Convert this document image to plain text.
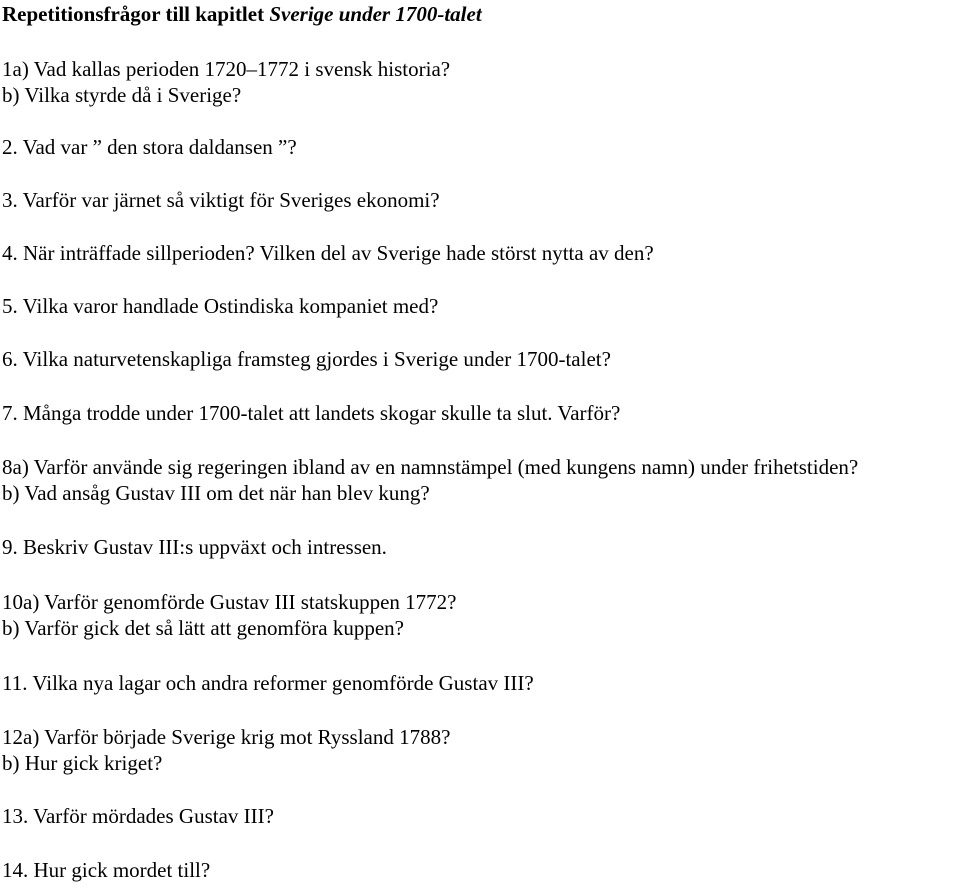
Repetitionsfrågor till kapitlet Sverige under 1700-talet

1a) Vad kallas perioden 1720–1772 i svensk historia?

b) Vilka styrde då i Sverige?

2. Vad var ” den stora daldansen ”?

3. Varför var järnet så viktigt för Sveriges ekonomi?

4. När inträffade sillperioden? Vilken del av Sverige hade störst nytta av den?

5. Vilka varor handlade Ostindiska kompaniet med?

6. Vilka naturvetenskapliga framsteg gjordes i Sverige under 1700-talet?

7. Många trodde under 1700-talet att landets skogar skulle ta slut. Varför?

8a) Varför använde sig regeringen ibland av en namnstämpel (med kungens namn) under frihetstiden?

b) Vad ansåg Gustav III om det när han blev kung?

9. Beskriv Gustav III:s uppväxt och intressen.

10a) Varför genomförde Gustav III statskuppen 1772?

b) Varför gick det så lätt att genomföra kuppen?

11. Vilka nya lagar och andra reformer genomförde Gustav III?

12a) Varför började Sverige krig mot Ryssland 1788?

b) Hur gick kriget?

13. Varför mördades Gustav III?

14. Hur gick mordet till?
